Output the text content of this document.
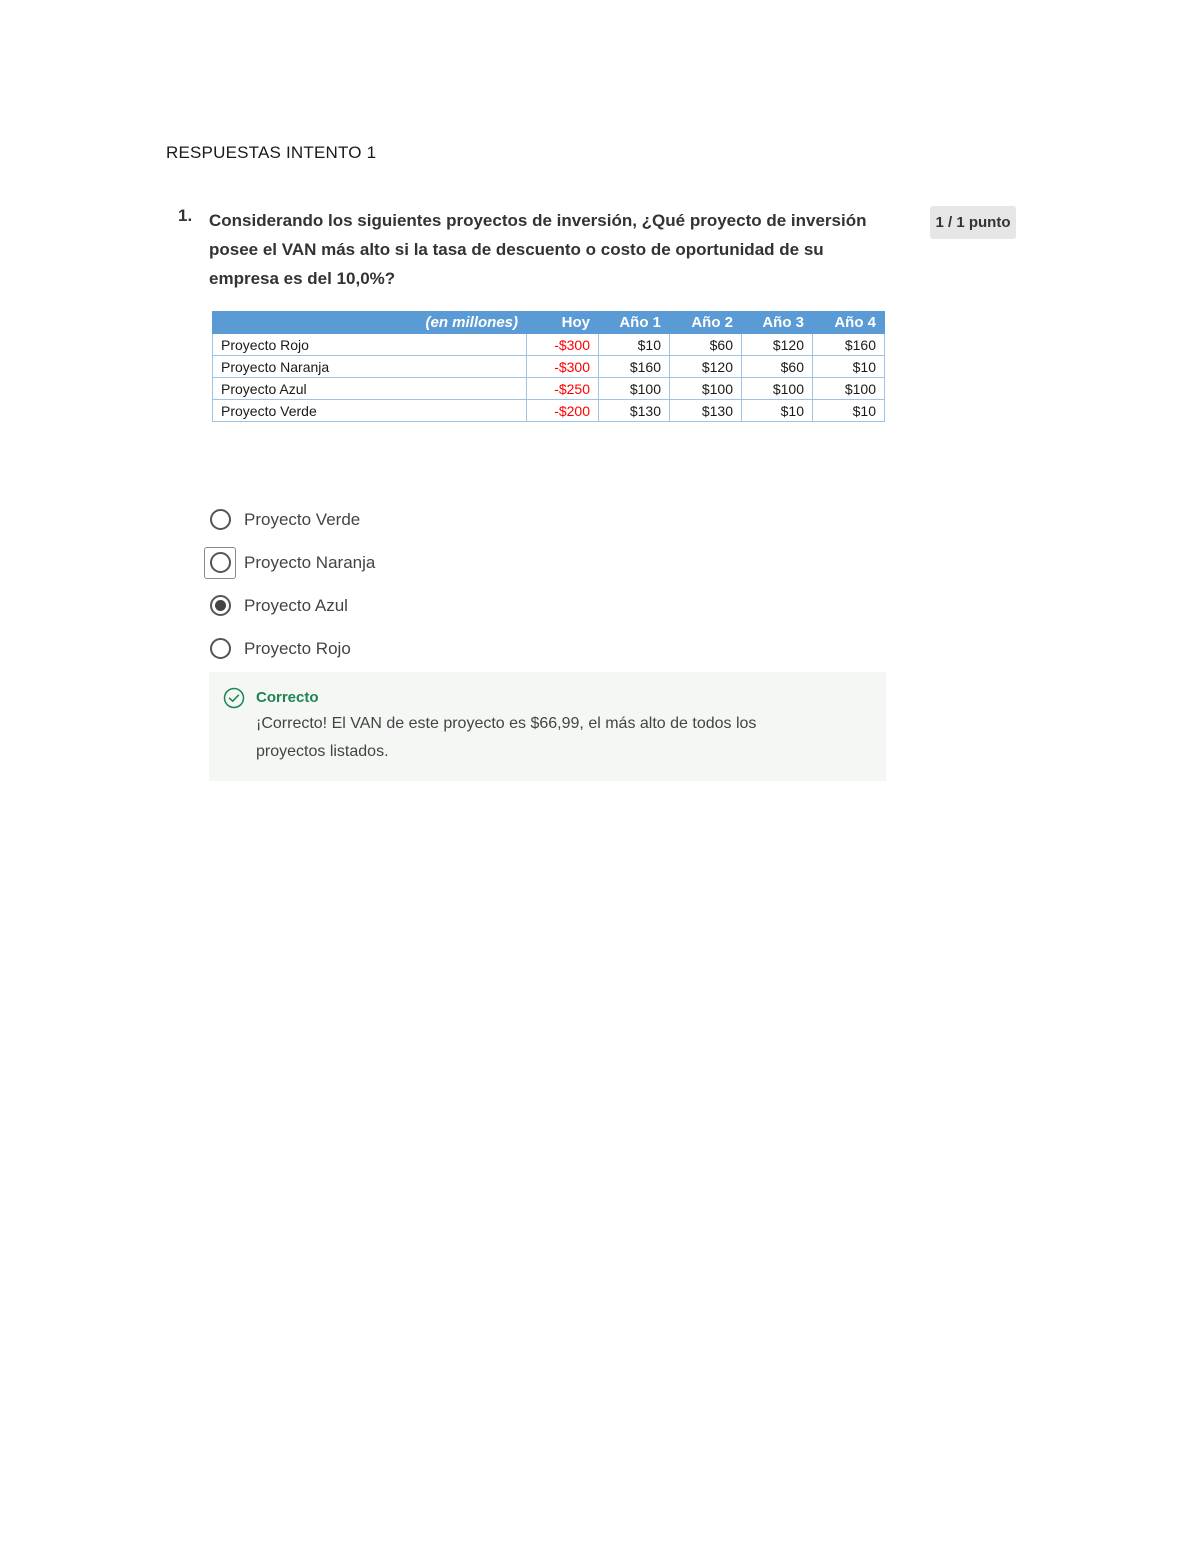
RESPUESTAS INTENTO 1
1. Considerando los siguientes proyectos de inversión, ¿Qué proyecto de inversión posee el VAN más alto si la tasa de descuento o costo de oportunidad de su empresa es del 10,0%?
1 / 1 punto
(en millones)	Hoy	Año 1	Año 2	Año 3	Año 4
Proyecto Rojo	-$300	$10	$60	$120	$160
Proyecto Naranja	-$300	$160	$120	$60	$10
Proyecto Azul	-$250	$100	$100	$100	$100
Proyecto Verde	-$200	$130	$130	$10	$10
Proyecto Verde
Proyecto Naranja
Proyecto Azul
Proyecto Rojo
Correcto
¡Correcto! El VAN de este proyecto es $66,99, el más alto de todos los proyectos listados.
